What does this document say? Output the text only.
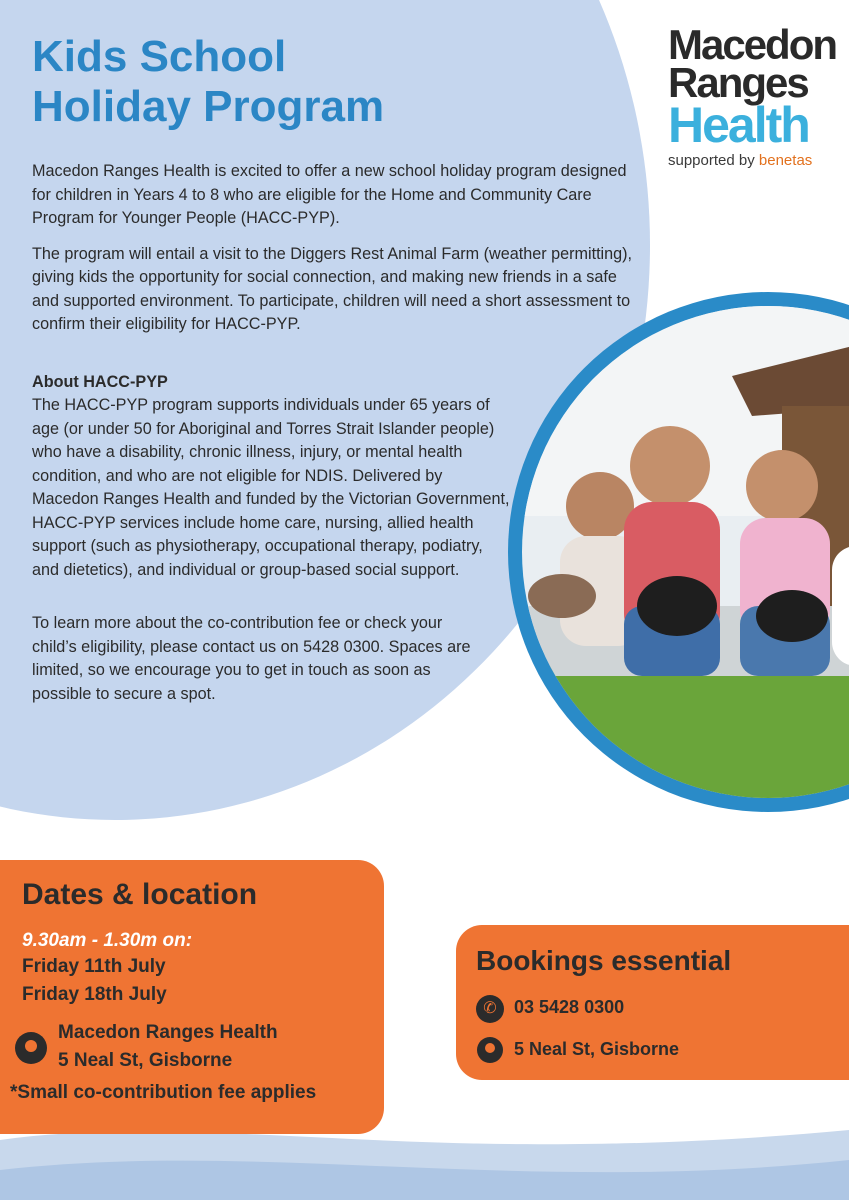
Kids School
Holiday Program
Macedon
Ranges
Health
supported by benetas

Macedon Ranges Health is excited to offer a new school holiday program designed for children in Years 4 to 8 who are eligible for the Home and Community Care Program for Younger People (HACC-PYP).

The program will entail a visit to the Diggers Rest Animal Farm (weather permitting), giving kids the opportunity for social connection, and making new friends in a safe and supported environment. To participate, children will need a short assessment to confirm their eligibility for HACC-PYP.

About HACC-PYP
The HACC-PYP program supports individuals under 65 years of age (or under 50 for Aboriginal and Torres Strait Islander people) who have a disability, chronic illness, injury, or mental health condition, and who are not eligible for NDIS. Delivered by Macedon Ranges Health and funded by the Victorian Government, HACC-PYP services include home care, nursing, allied health support (such as physiotherapy, occupational therapy, podiatry, and dietetics), and individual or group-based social support.

To learn more about the co-contribution fee or check your child’s eligibility, please contact us on 5428 0300. Spaces are limited, so we encourage you to get in touch as soon as possible to secure a spot.

Dates & location
9.30am - 1.30m on:
Friday 11th July
Friday 18th July
Macedon Ranges Health
5 Neal St, Gisborne
*Small co-contribution fee applies
Bookings essential
✆ 03 5428 0300
5 Neal St, Gisborne
